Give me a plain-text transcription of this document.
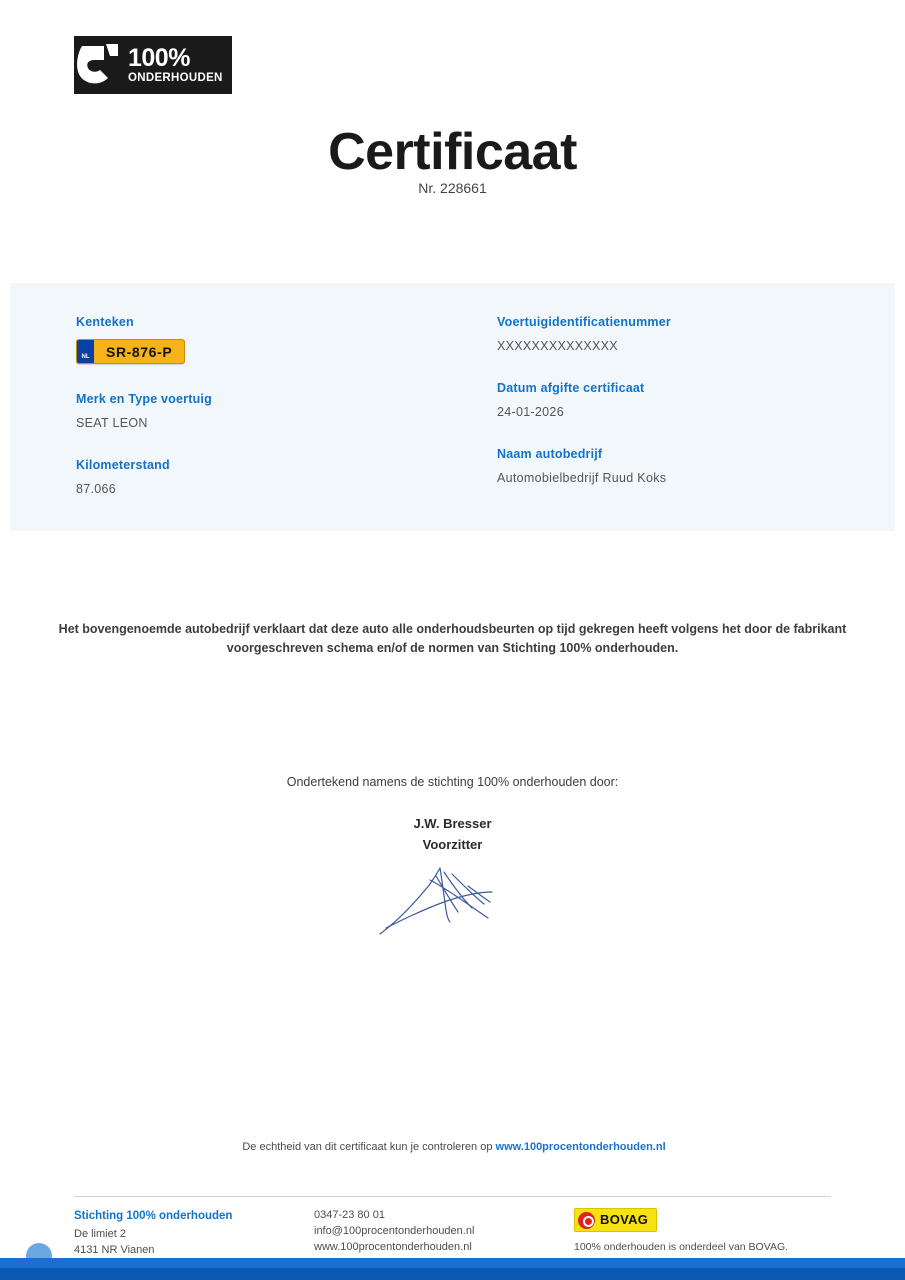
100%
ONDERHOUDEN
Certificaat
Nr. 228661
Kenteken
NL	SR-876-P
Merk en Type voertuig
SEAT LEON
Kilometerstand
87.066
Voertuigidentificatienummer
XXXXXXXXXXXXXX
Datum afgifte certificaat
24-01-2026
Naam autobedrijf
Automobielbedrijf Ruud Koks
Het bovengenoemde autobedrijf verklaart dat deze auto alle onderhoudsbeurten op tijd gekregen heeft volgens het door de fabrikant voorgeschreven schema en/of de normen van Stichting 100% onderhouden.
Ondertekend namens de stichting 100% onderhouden door:
J.W. Bresser
Voorzitter
De echtheid van dit certificaat kun je controleren op www.100procentonderhouden.nl
Stichting 100% onderhouden
De limiet 2
4131 NR Vianen
0347-23 80 01
info@100procentonderhouden.nl
www.100procentonderhouden.nl
BOVAG
100% onderhouden is onderdeel van BOVAG.
